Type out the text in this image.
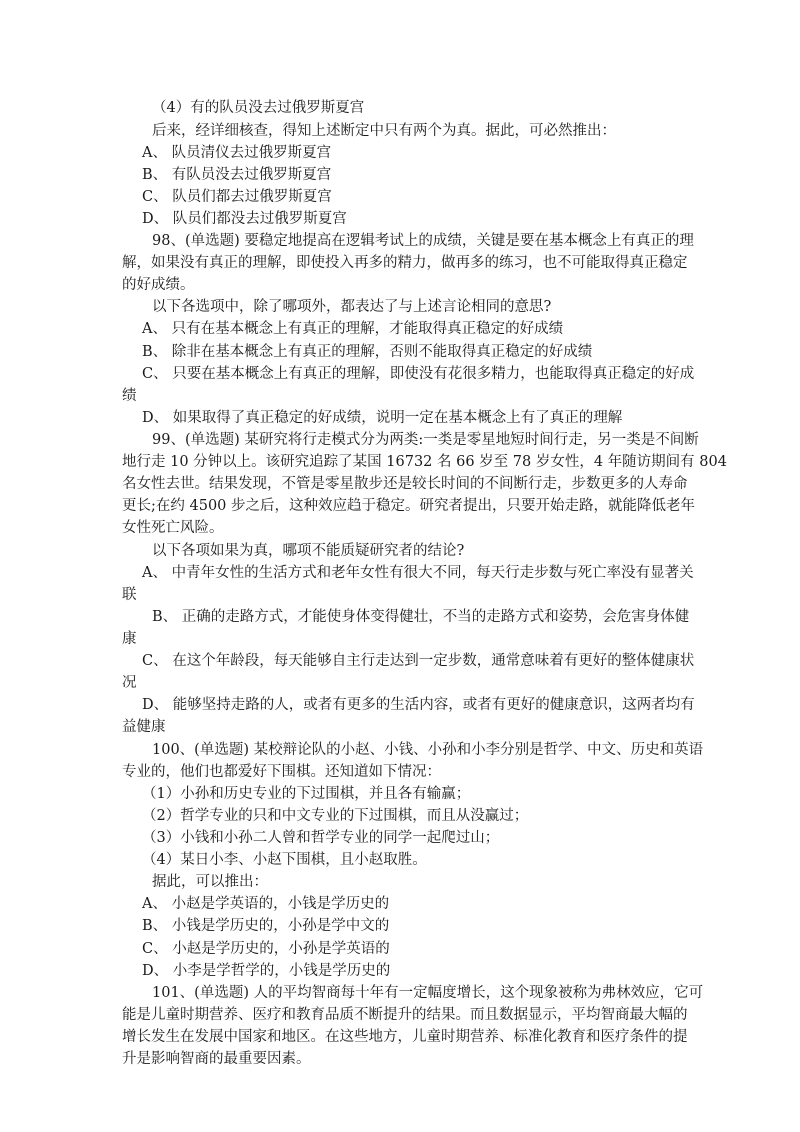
（4）有的队员没去过俄罗斯夏宫
后来，经详细核查，得知上述断定中只有两个为真。据此，可必然推出：
A、 队员清仪去过俄罗斯夏宫
B、 有队员没去过俄罗斯夏宫
C、 队员们都去过俄罗斯夏宫
D、 队员们都没去过俄罗斯夏宫
98、(单选题) 要稳定地提高在逻辑考试上的成绩，关键是要在基本概念上有真正的理
解，如果没有真正的理解，即使投入再多的精力，做再多的练习，也不可能取得真正稳定
的好成绩。
以下各选项中，除了哪项外，都表达了与上述言论相同的意思?
A、 只有在基本概念上有真正的理解，才能取得真正稳定的好成绩
B、 除非在基本概念上有真正的理解，否则不能取得真正稳定的好成绩
C、 只要在基本概念上有真正的理解，即使没有花很多精力，也能取得真正稳定的好成
绩
D、 如果取得了真正稳定的好成绩，说明一定在基本概念上有了真正的理解
99、(单选题) 某研究将行走模式分为两类:一类是零星地短时间行走，另一类是不间断
地行走 10 分钟以上。该研究追踪了某国 16732 名 66 岁至 78 岁女性，4 年随访期间有 804
名女性去世。结果发现，不管是零星散步还是较长时间的不间断行走，步数更多的人寿命
更长;在约 4500 步之后，这种效应趋于稳定。研究者提出，只要开始走路，就能降低老年
女性死亡风险。
以下各项如果为真，哪项不能质疑研究者的结论?
A、 中青年女性的生活方式和老年女性有很大不同，每天行走步数与死亡率没有显著关
联
B、 正确的走路方式，才能使身体变得健壮，不当的走路方式和姿势，会危害身体健
康
C、 在这个年龄段，每天能够自主行走达到一定步数，通常意味着有更好的整体健康状
况
D、 能够坚持走路的人，或者有更多的生活内容，或者有更好的健康意识，这两者均有
益健康
100、(单选题) 某校辩论队的小赵、小钱、小孙和小李分别是哲学、中文、历史和英语
专业的，他们也都爱好下围棋。还知道如下情况：
（1）小孙和历史专业的下过围棋，并且各有输赢；
（2）哲学专业的只和中文专业的下过围棋，而且从没赢过；
（3）小钱和小孙二人曾和哲学专业的同学一起爬过山；
（4）某日小李、小赵下围棋，且小赵取胜。
据此，可以推出：
A、 小赵是学英语的，小钱是学历史的
B、 小钱是学历史的，小孙是学中文的
C、 小赵是学历史的，小孙是学英语的
D、 小李是学哲学的，小钱是学历史的
101、(单选题) 人的平均智商每十年有一定幅度增长，这个现象被称为弗林效应，它可
能是儿童时期营养、医疗和教育品质不断提升的结果。而且数据显示，平均智商最大幅的
增长发生在发展中国家和地区。在这些地方，儿童时期营养、标准化教育和医疗条件的提
升是影响智商的最重要因素。
